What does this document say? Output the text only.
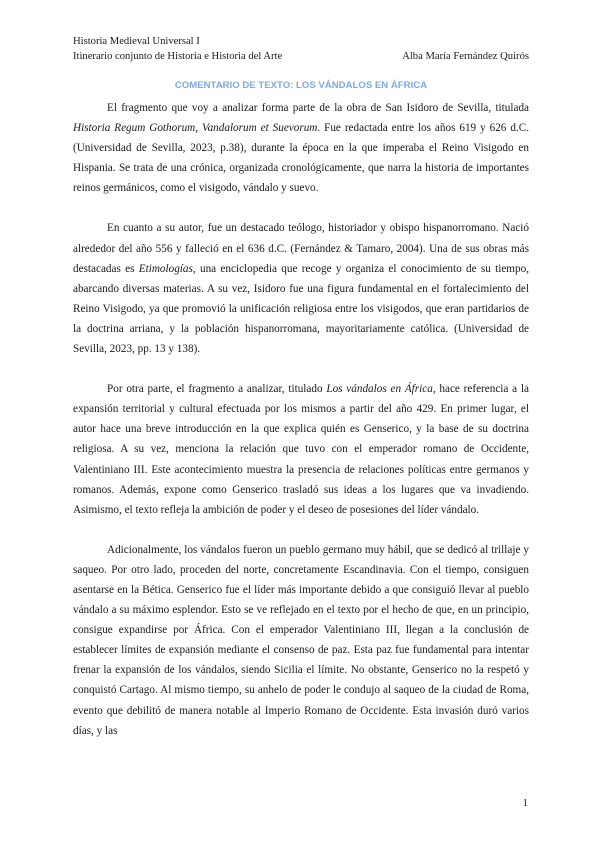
Historia Medieval Universal I
Itinerario conjunto de Historia e Historia del Arte	Alba María Fernández Quirós
COMENTARIO DE TEXTO: LOS VÁNDALOS EN ÁFRICA

El fragmento que voy a analizar forma parte de la obra de San Isidoro de Sevilla, titulada Historia Regum Gothorum, Vandalorum et Suevorum. Fue redactada entre los años 619 y 626 d.C. (Universidad de Sevilla, 2023, p.38), durante la época en la que imperaba el Reino Visigodo en Hispania. Se trata de una crónica, organizada cronológicamente, que narra la historia de importantes reinos germánicos, como el visigodo, vándalo y suevo.

En cuanto a su autor, fue un destacado teólogo, historiador y obispo hispanorromano. Nació alrededor del año 556 y falleció en el 636 d.C. (Fernández & Tamaro, 2004). Una de sus obras más destacadas es Etimologías, una enciclopedia que recoge y organiza el conocimiento de su tiempo, abarcando diversas materias. A su vez, Isidoro fue una figura fundamental en el fortalecimiento del Reino Visigodo, ya que promovió la unificación religiosa entre los visigodos, que eran partidarios de la doctrina arriana, y la población hispanorromana, mayoritariamente católica. (Universidad de Sevilla, 2023, pp. 13 y 138).

Por otra parte, el fragmento a analizar, titulado Los vándalos en África, hace referencia a la expansión territorial y cultural efectuada por los mismos a partir del año 429. En primer lugar, el autor hace una breve introducción en la que explica quién es Genserico, y la base de su doctrina religiosa. A su vez, menciona la relación que tuvo con el emperador romano de Occidente, Valentiniano III. Este acontecimiento muestra la presencia de relaciones políticas entre germanos y romanos. Además, expone como Genserico trasladó sus ideas a los lugares que va invadiendo. Asimismo, el texto refleja la ambición de poder y el deseo de posesiones del líder vándalo.

Adicionalmente, los vándalos fueron un pueblo germano muy hábil, que se dedicó al trillaje y saqueo. Por otro lado, proceden del norte, concretamente Escandinavia. Con el tiempo, consiguen asentarse en la Bética. Genserico fue el líder más importante debido a que consiguió llevar al pueblo vándalo a su máximo esplendor. Esto se ve reflejado en el texto por el hecho de que, en un principio, consigue expandirse por África. Con el emperador Valentiniano III, llegan a la conclusión de establecer límites de expansión mediante el consenso de paz. Esta paz fue fundamental para intentar frenar la expansión de los vándalos, siendo Sicilia el límite. No obstante, Genserico no la respetó y conquistó Cartago. Al mismo tiempo, su anhelo de poder le condujo al saqueo de la ciudad de Roma, evento que debilitó de manera notable al Imperio Romano de Occidente. Esta invasión duró varios días, y las

1
